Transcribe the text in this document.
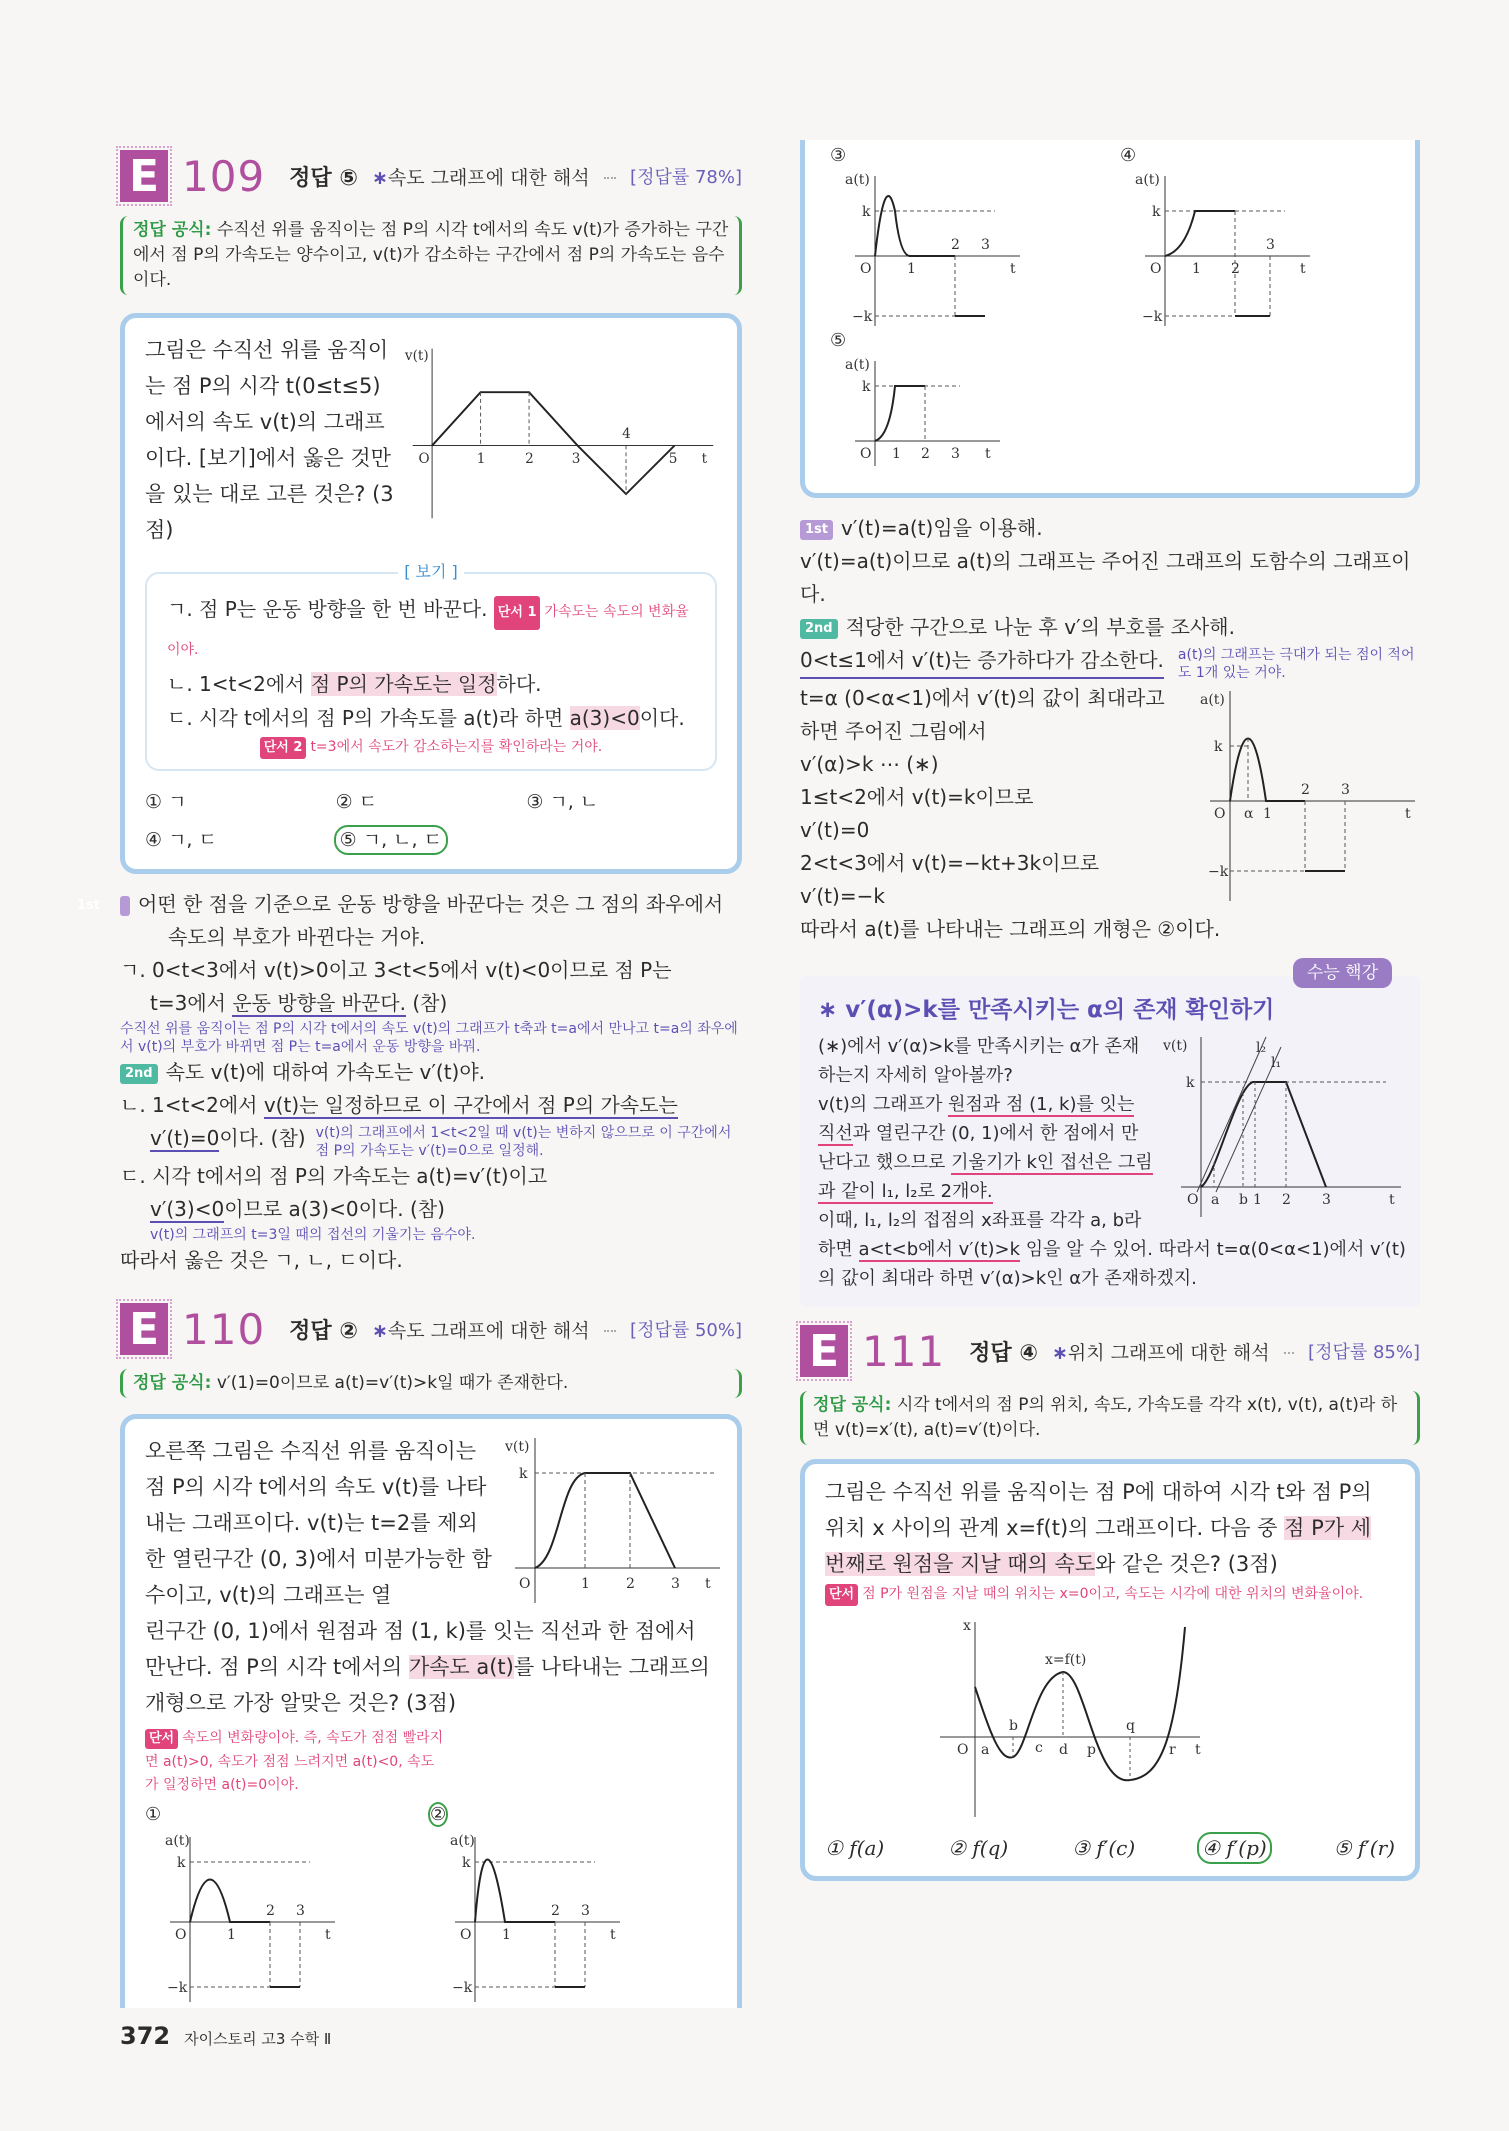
E 109 정답 ⑤ ∗속도 그래프에 대한 해석 [정답률 78%]
정답 공식: 수직선 위를 움직이는 점 P의 시각 t에서의 속도 v(t)가 증가하는 구간에서 점 P의 가속도는 양수이고, v(t)가 감소하는 구간에서 점 P의 가속도는 음수이다.
그림은 수직선 위를 움직이는 점 P의 시각 t(0≤t≤5)에서의 속도 v(t)의 그래프이다. [보기]에서 옳은 것만을 있는 대로 고른 것은? (3점)
v(t)
O	1	2	3
4
5 t
[ 보기 ]
ㄱ. 점 P는 운동 방향을 한 번 바꾼다. 단서 1 가속도는 속도의 변화율이야.
ㄴ. 1<t<2에서 점 P의 가속도는 일정하다.
ㄷ. 시각 t에서의 점 P의 가속도를 a(t)라 하면 a(3)<0이다.
단서 2 t=3에서 속도가 감소하는지를 확인하라는 거야.
① ㄱ	② ㄷ	③ ㄱ, ㄴ
④ ㄱ, ㄷ	⑤ ㄱ, ㄴ, ㄷ
1st 어떤 한 점을 기준으로 운동 방향을 바꾼다는 것은 그 점의 좌우에서 속도의 부호가 바뀐다는 거야.
ㄱ. 0<t<3에서 v(t)>0이고 3<t<5에서 v(t)<0이므로 점 P는
t=3에서 운동 방향을 바꾼다. (참)
수직선 위를 움직이는 점 P의 시각 t에서의 속도 v(t)의 그래프가 t축과 t=a에서 만나고 t=a의 좌우에서 v(t)의 부호가 바뀌면 점 P는 t=a에서 운동 방향을 바꿔.
2nd 속도 v(t)에 대하여 가속도는 v′(t)야.
ㄴ. 1<t<2에서 v(t)는 일정하므로 이 구간에서 점 P의 가속도는
v′(t)=0이다. (참) v(t)의 그래프에서 1<t<2일 때 v(t)는 변하지 않으므로 이 구간에서 점 P의 가속도는 v′(t)=0으로 일정해.
ㄷ. 시각 t에서의 점 P의 가속도는 a(t)=v′(t)이고
v′(3)<0이므로 a(3)<0이다. (참)
v(t)의 그래프의 t=3일 때의 접선의 기울기는 음수야.
따라서 옳은 것은 ㄱ, ㄴ, ㄷ이다.
E 110 정답 ② ∗속도 그래프에 대한 해석 [정답률 50%]
정답 공식: v′(1)=0이므로 a(t)=v′(t)>k일 때가 존재한다.
오른쪽 그림은 수직선 위를 움직이는 점 P의 시각 t에서의 속도 v(t)를 나타내는 그래프이다. v(t)는 t=2를 제외한 열린구간 (0, 3)에서 미분가능한 함수이고, v(t)의 그래프는 열
v(t)
k
O	1	2	3 t
린구간 (0, 1)에서 원점과 점 (1, k)를 잇는 직선과 한 점에서 만난다. 점 P의 시각 t에서의 가속도 a(t)를 나타내는 그래프의 개형으로 가장 알맞은 것은? (3점) 단서 속도의 변화량이야. 즉, 속도가 점점 빨라지면 a(t)>0, 속도가 점점 느려지면 a(t)<0, 속도가 일정하면 a(t)=0이야.
①
a(t)
k
−k
O	1
2 3
t
②
a(t)
k
−k
O 1
2 3
t
372 자이스토리 고3 수학 Ⅱ
③
a(t)
k
−k
O	1
2 3
t
④
a(t)
k
−k
O 1 2
3
t
⑤
a(t)
k
O 1 2 3 t
1st v′(t)=a(t)임을 이용해.
v′(t)=a(t)이므로 a(t)의 그래프는 주어진 그래프의 도함수의 그래프이다.
2nd 적당한 구간으로 나눈 후 v′의 부호를 조사해.
0<t≤1에서 v′(t)는 증가하다가 감소한다. a(t)의 그래프는 극대가 되는 점이 적어도 1개 있는 거야.
a(t)
k
−k
O α 1
2 3
t
t=α (0<α<1)에서 v′(t)의 값이 최대라고 하면 주어진 그림에서
v′(α)>k ⋯ (∗)
1≤t<2에서 v(t)=k이므로
v′(t)=0
2<t<3에서 v(t)=−kt+3k이므로
v′(t)=−k
따라서 a(t)를 나타내는 그래프의 개형은 ②이다.
수능 핵강
∗ v′(α)>k를 만족시키는 α의 존재 확인하기
v(t)
k
l₂
l₁
O a b 1 2 3	t
(∗)에서 v′(α)>k를 만족시키는 α가 존재하는지 자세히 알아볼까?
v(t)의 그래프가 원점과 점 (1, k)를 잇는 직선과 열린구간 (0, 1)에서 한 점에서 만난다고 했으므로 기울기가 k인 접선은 그림과 같이 l₁, l₂로 2개야.
이때, l₁, l₂의 접점의 x좌표를 각각 a, b라 하면 a<t<b에서 v′(t)>k 임을 알 수 있어. 따라서 t=α(0<α<1)에서 v′(t)의 값이 최대라 하면 v′(α)>k인 α가 존재하겠지.
E 111 정답 ④ ∗위치 그래프에 대한 해석 [정답률 85%]
정답 공식: 시각 t에서의 점 P의 위치, 속도, 가속도를 각각 x(t), v(t), a(t)라 하면 v(t)=x′(t), a(t)=v′(t)이다.
그림은 수직선 위를 움직이는 점 P에 대하여 시각 t와 점 P의 위치 x 사이의 관계 x=f(t)의 그래프이다. 다음 중 점 P가 세 번째로 원점을 지날 때의 속도와 같은 것은? (3점)
단서 점 P가 원점을 지날 때의 위치는 x=0이고, 속도는 시각에 대한 위치의 변화율이야.
x
x=f(t)
O a
b
c d p
q
r t
① f(a)	② f(q)	③ f′(c)	④ f′(p)	⑤ f′(r)
